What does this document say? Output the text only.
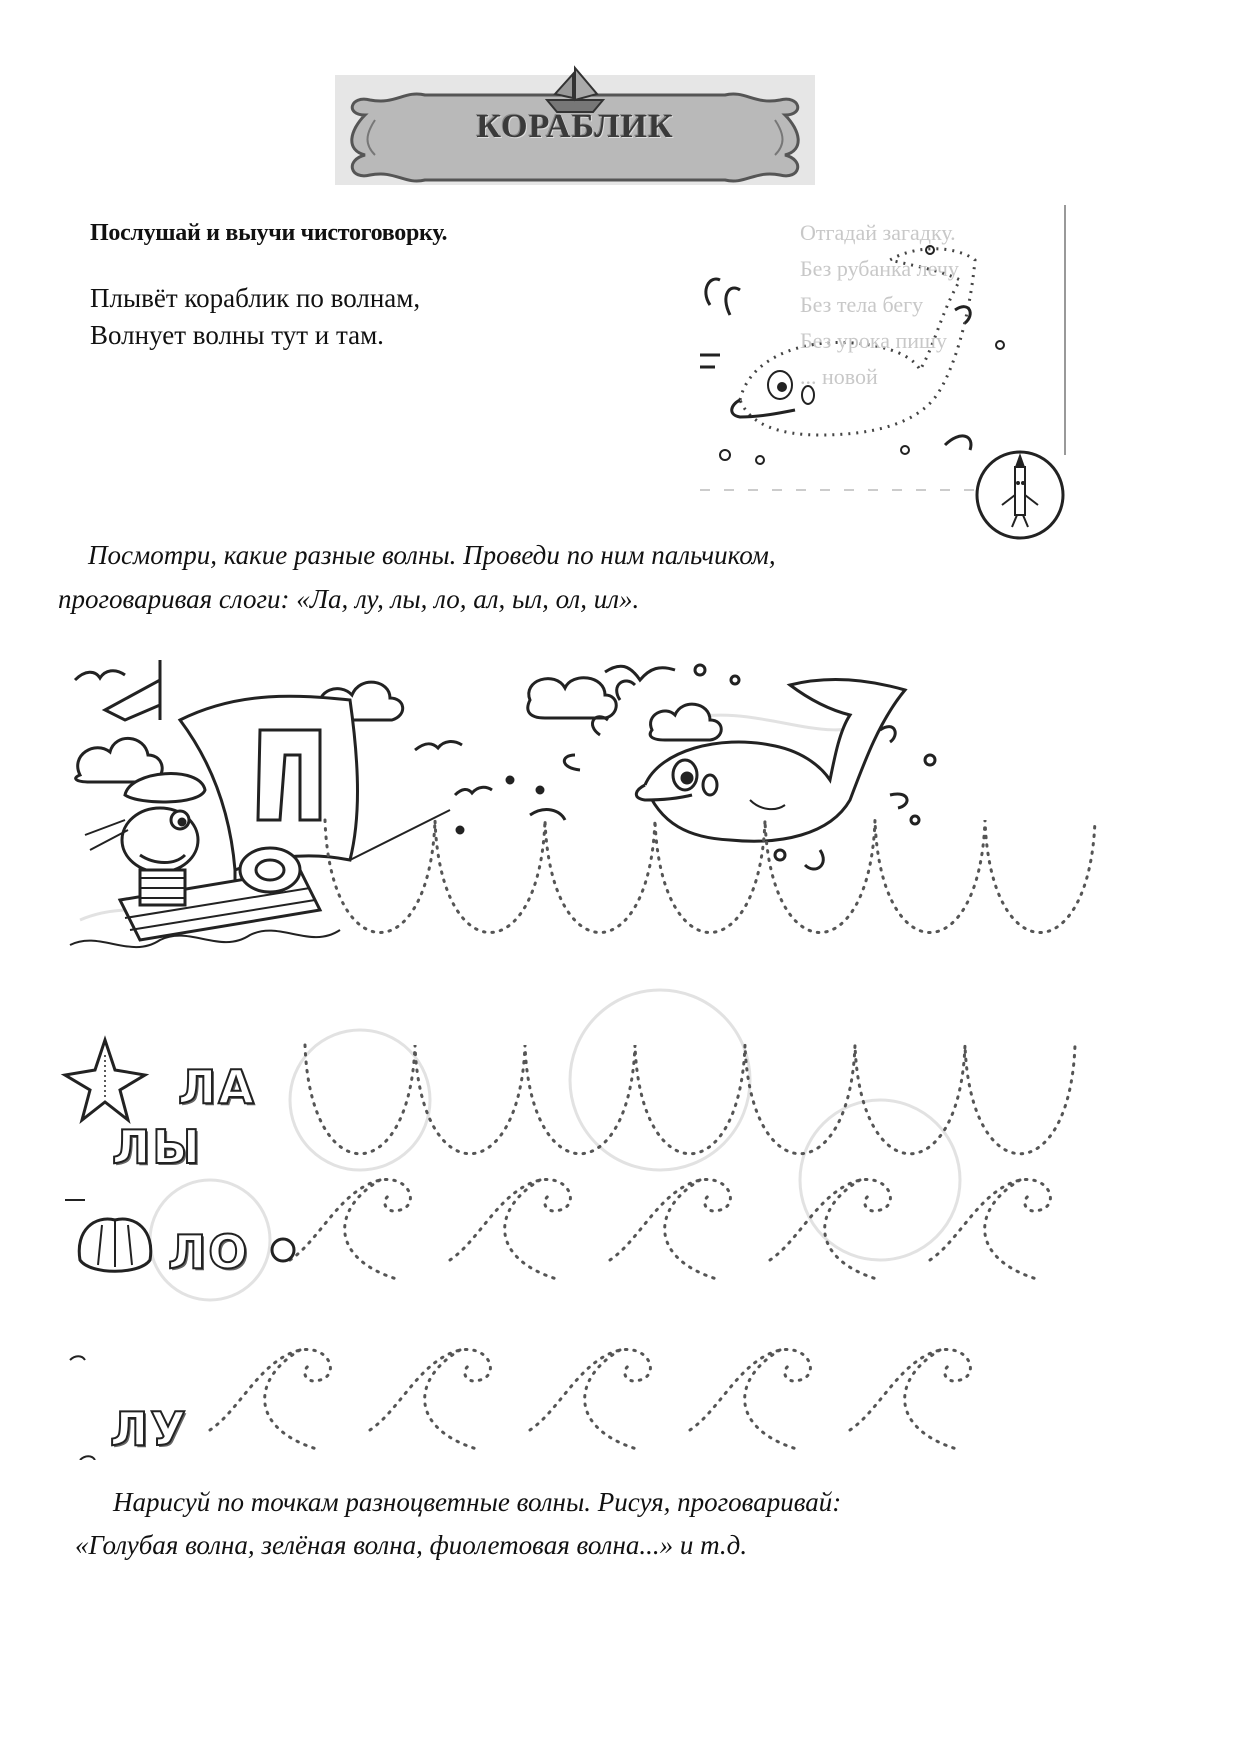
КОРАБЛИК
Послушай и выучи чистоговорку.
Плывёт кораблик по волнам,
Волнует волны тут и там.
Отгадай загадку.
Без рубанка лечу
Без тела бегу
Без урока пишу
... новой
Посмотри, какие разные волны. Проведи по ним пальчиком,
проговаривая слоги: «Ла, лу, лы, ло, ал, ыл, ол, ил».
ЛА
ЛЫ
ЛО
ЛУ
Нарисуй по точкам разноцветные волны. Рисуя, проговаривай:
«Голубая волна, зелёная волна, фиолетовая волна...» и т.д.
